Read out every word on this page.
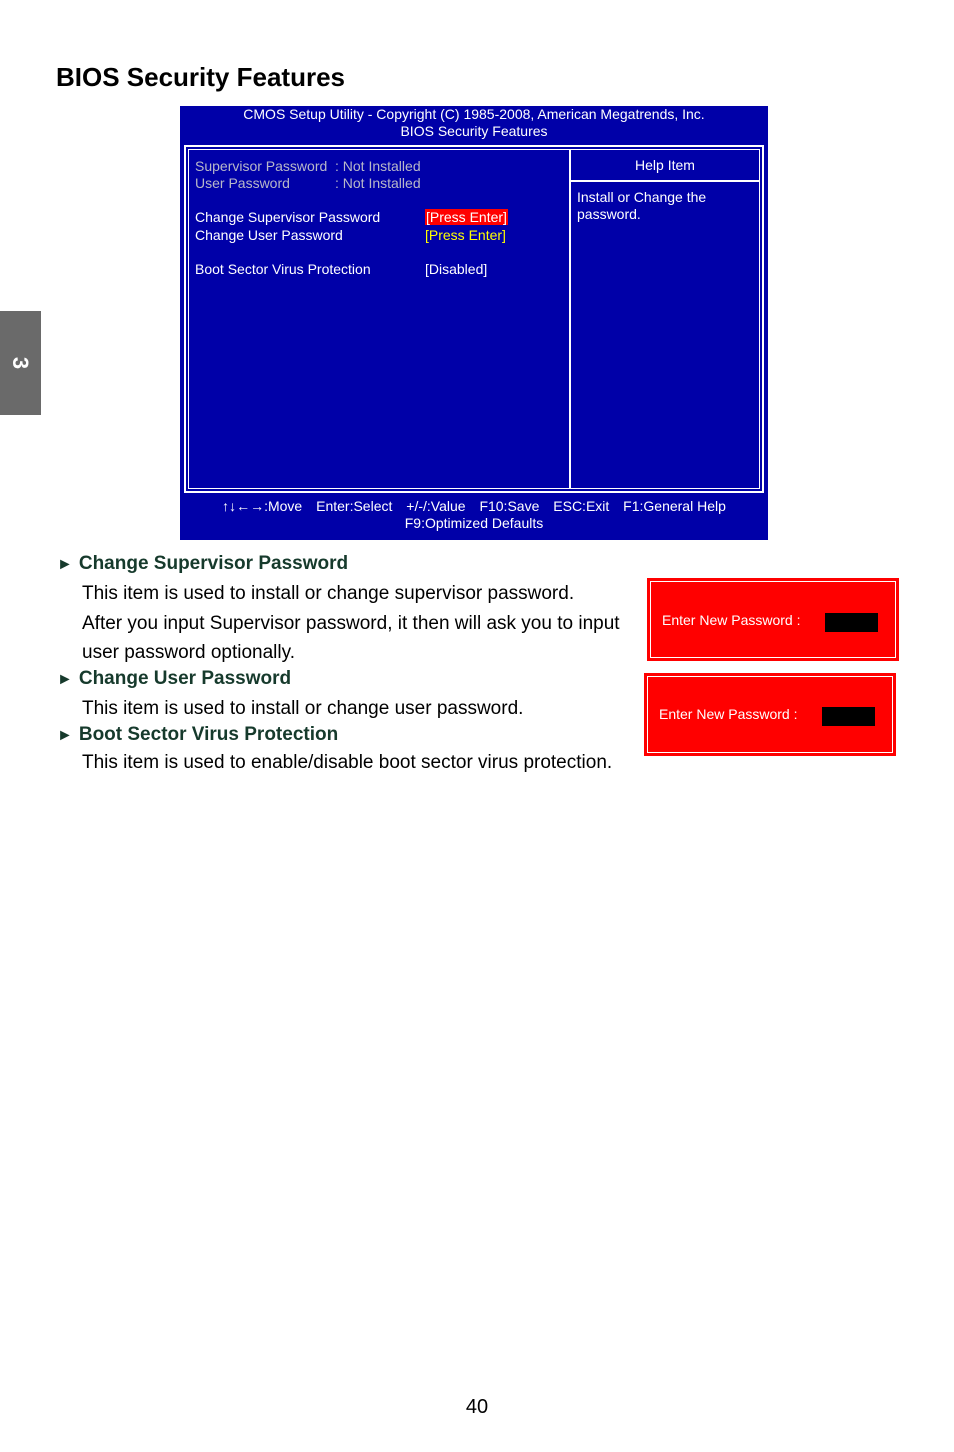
3
BIOS Security Features
CMOS Setup Utility - Copyright (C) 1985-2008, American Megatrends, Inc.
BIOS Security Features
Supervisor Password : Not Installed
User Password	: Not Installed
Change Supervisor Password	[Press Enter]
Change User Password	[Press Enter]
Boot Sector Virus Protection	[Disabled]
Help Item
Install or Change the password.
↑↓←→:Move Enter:Select +/-/:Value F10:Save ESC:Exit F1:General Help
F9:Optimized Defaults
► Change Supervisor Password

This item is used to install or change supervisor password.

After you input Supervisor password, it then will ask you to input

user password optionally.

► Change User Password

This item is used to install or change user password.

► Boot Sector Virus Protection

This item is used to enable/disable boot sector virus protection.

Enter New Password :
Enter New Password :
40
